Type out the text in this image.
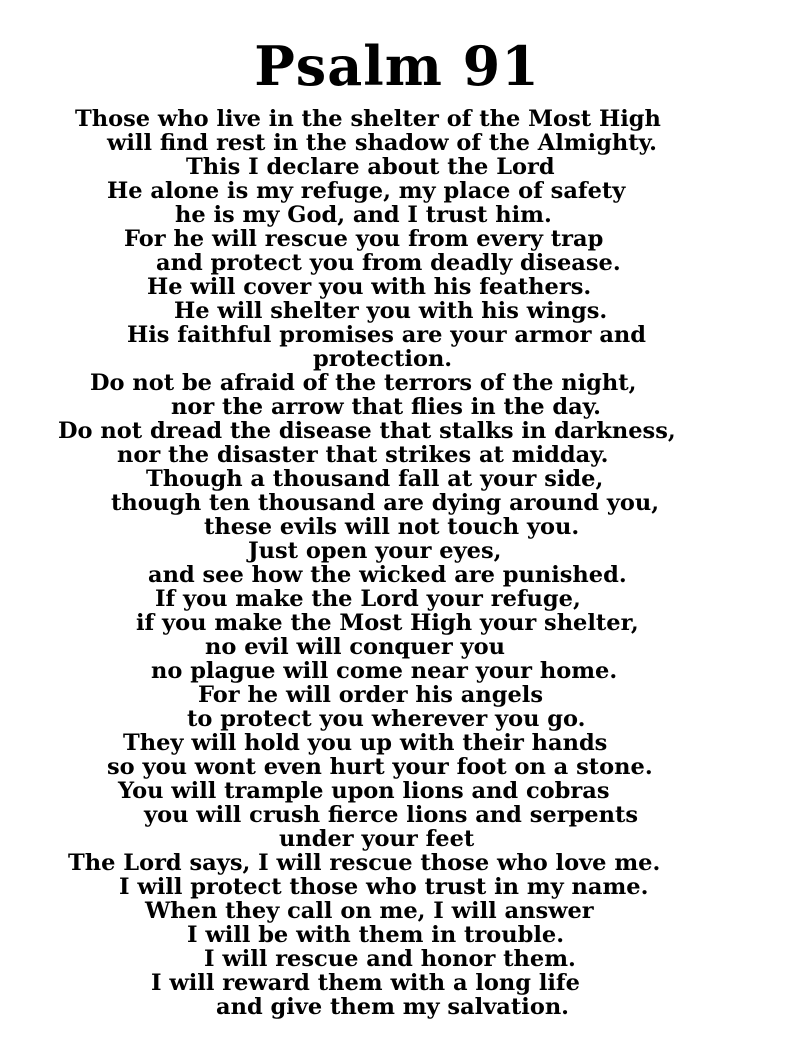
Psalm 91
Those who live in the shelter of the Most High
will find rest in the shadow of the Almighty.
This I declare about the Lord
He alone is my refuge, my place of safety
he is my God, and I trust him.
For he will rescue you from every trap
and protect you from deadly disease.
He will cover you with his feathers.
He will shelter you with his wings.
His faithful promises are your armor and
protection.
Do not be afraid of the terrors of the night,
nor the arrow that flies in the day.
Do not dread the disease that stalks in darkness,
nor the disaster that strikes at midday.
Though a thousand fall at your side,
though ten thousand are dying around you,
these evils will not touch you.
Just open your eyes,
and see how the wicked are punished.
If you make the Lord your refuge,
if you make the Most High your shelter,
no evil will conquer you
no plague will come near your home.
For he will order his angels
to protect you wherever you go.
They will hold you up with their hands
so you wont even hurt your foot on a stone.
You will trample upon lions and cobras
you will crush fierce lions and serpents
under your feet
The Lord says, I will rescue those who love me.
I will protect those who trust in my name.
When they call on me, I will answer
I will be with them in trouble.
I will rescue and honor them.
I will reward them with a long life
and give them my salvation.
